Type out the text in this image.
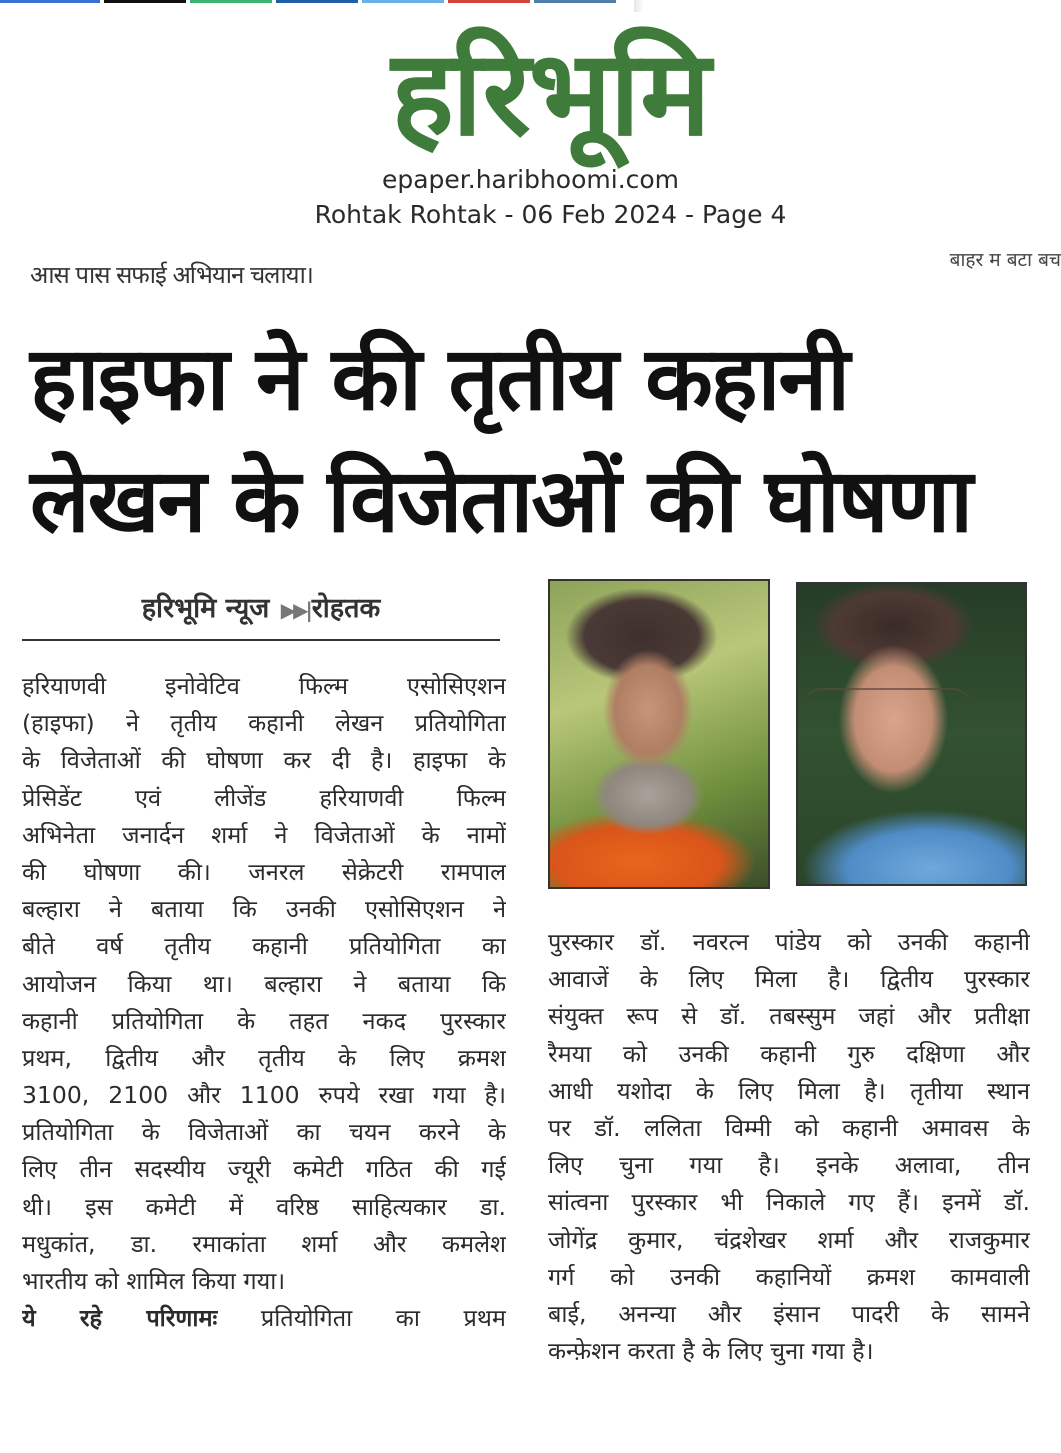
हरिभूमि
epaper.haribhoomi.com
Rohtak Rohtak - 06 Feb 2024 - Page 4
आस पास सफाई अभियान चलाया।
बाहर म बटा बच
हाइफा ने की तृतीय कहानी
लेखन के विजेताओं की घोषणा
हरिभूमि न्यूज ▶▶|रोहतक
हरियाणवी इनोवेटिव फिल्म एसोसिएशन
(हाइफा) ने तृतीय कहानी लेखन प्रतियोगिता
के विजेताओं की घोषणा कर दी है। हाइफा के
प्रेसिडेंट एवं लीजेंड हरियाणवी फिल्म
अभिनेता जनार्दन शर्मा ने विजेताओं के नामों
की घोषणा की। जनरल सेक्रेटरी रामपाल
बल्हारा ने बताया कि उनकी एसोसिएशन ने
बीते वर्ष तृतीय कहानी प्रतियोगिता का
आयोजन किया था। बल्हारा ने बताया कि
कहानी प्रतियोगिता के तहत नकद पुरस्कार
प्रथम, द्वितीय और तृतीय के लिए क्रमश
3100, 2100 और 1100 रुपये रखा गया है।
प्रतियोगिता के विजेताओं का चयन करने के
लिए तीन सदस्यीय ज्यूरी कमेटी गठित की गई
थी। इस कमेटी में वरिष्ठ साहित्यकार डा.
मधुकांत, डा. रमाकांता शर्मा और कमलेश
भारतीय को शामिल किया गया।
ये रहे परिणामः प्रतियोगिता का प्रथम
पुरस्कार डॉ. नवरत्न पांडेय को उनकी कहानी
आवाजें के लिए मिला है। द्वितीय पुरस्कार
संयुक्त रूप से डॉ. तबस्सुम जहां और प्रतीक्षा
रैमया को उनकी कहानी गुरु दक्षिणा और
आधी यशोदा के लिए मिला है। तृतीया स्थान
पर डॉ. ललिता विम्मी को कहानी अमावस के
लिए चुना गया है। इनके अलावा, तीन
सांत्वना पुरस्कार भी निकाले गए हैं। इनमें डॉ.
जोगेंद्र कुमार, चंद्रशेखर शर्मा और राजकुमार
गर्ग को उनकी कहानियों क्रमश कामवाली
बाई, अनन्या और इंसान पादरी के सामने
कन्फ़ेशन करता है के लिए चुना गया है।
